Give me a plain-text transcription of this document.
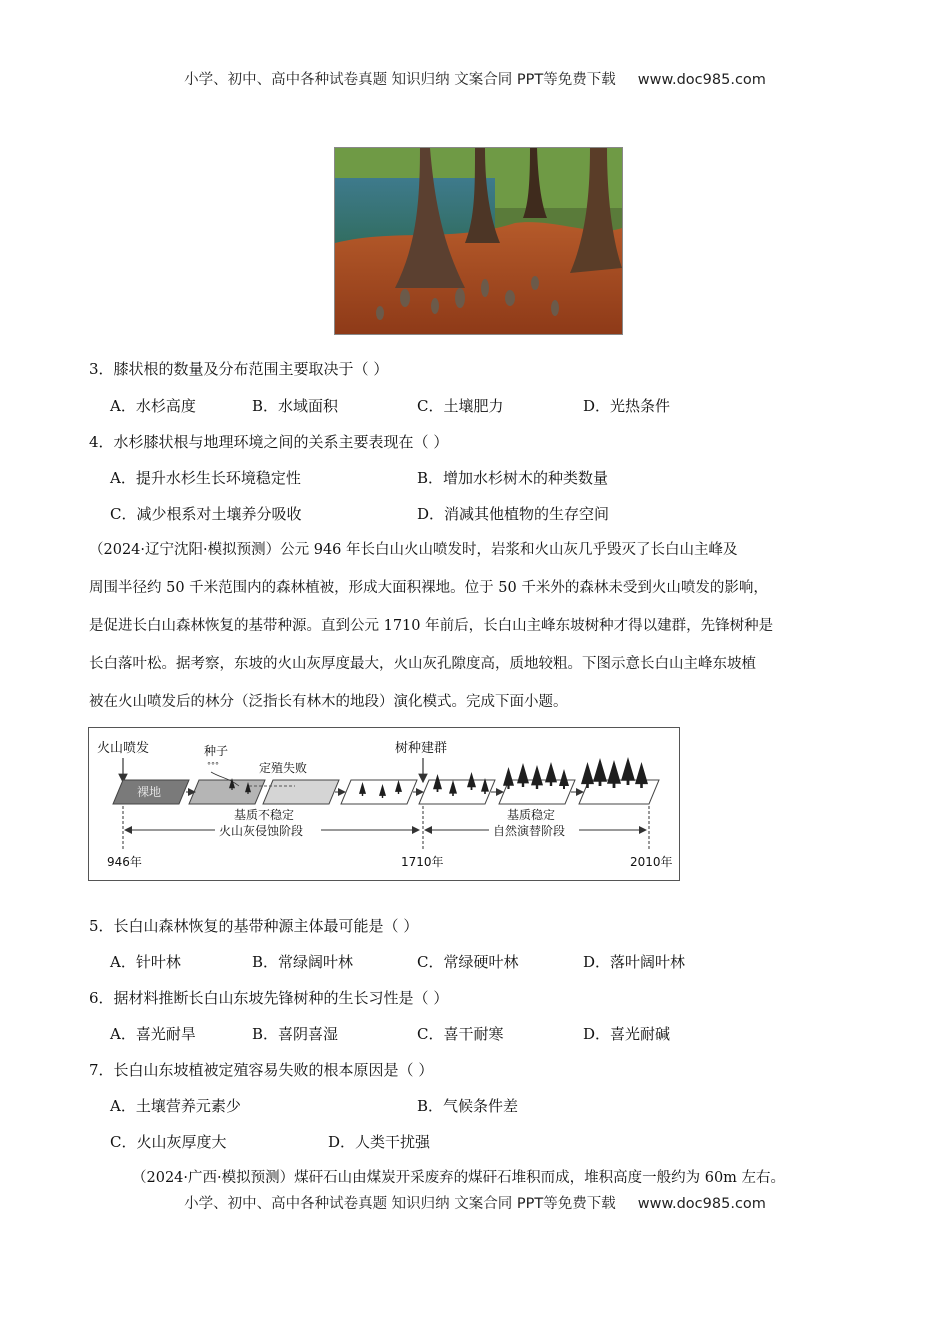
小学、初中、高中各种试卷真题 知识归纳 文案合同 PPT等免费下载 www.doc985.com
3．膝状根的数量及分布范围主要取决于（ ）
A．水杉高度	B．水域面积	C．土壤肥力	D．光热条件
4．水杉膝状根与地理环境之间的关系主要表现在（ ）
A．提升水杉生长环境稳定性	B．增加水杉树木的种类数量
C．减少根系对土壤养分吸收	D．消减其他植物的生存空间
（2024·辽宁沈阳·模拟预测）公元 946 年长白山火山喷发时，岩浆和火山灰几乎毁灭了长白山主峰及
周围半径约 50 千米范围内的森林植被，形成大面积裸地。位于 50 千米外的森林未受到火山喷发的影响，
是促进长白山森林恢复的基带种源。直到公元 1710 年前后，长白山主峰东坡树种才得以建群，先锋树种是
长白落叶松。据考察，东坡的火山灰厚度最大，火山灰孔隙度高，质地较粗。下图示意长白山主峰东坡植
被在火山喷发后的林分（泛指长有林木的地段）演化模式。完成下面小题。
火山喷发
裸地
种子
°°°	定殖失败
树种建群
基质不稳定
火山灰侵蚀阶段
基质稳定
自然演替阶段
946年	1710年	2010年
5．长白山森林恢复的基带种源主体最可能是（ ）
A．针叶林	B．常绿阔叶林	C．常绿硬叶林	D．落叶阔叶林
6．据材料推断长白山东坡先锋树种的生长习性是（ ）
A．喜光耐旱	B．喜阴喜湿	C．喜干耐寒	D．喜光耐碱
7．长白山东坡植被定殖容易失败的根本原因是（ ）
A．土壤营养元素少	B．气候条件差
C．火山灰厚度大	D．人类干扰强
（2024·广西·模拟预测）煤矸石山由煤炭开采废弃的煤矸石堆积而成，堆积高度一般约为 60m 左右。
小学、初中、高中各种试卷真题 知识归纳 文案合同 PPT等免费下载 www.doc985.com
